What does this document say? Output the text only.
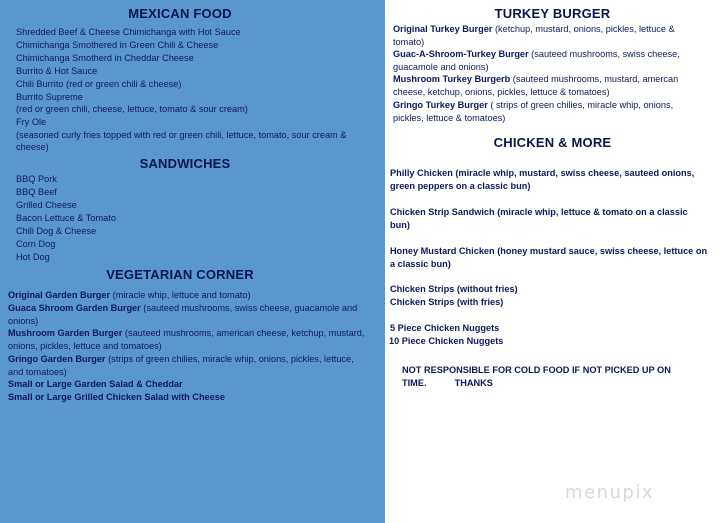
MEXICAN FOOD
Shredded Beef & Cheese Chimichanga with Hot Sauce
Chimichanga Smothered in Green Chili & Cheese
Chimichanga Smotherd in Cheddar Cheese
Burrito & Hot Sauce
Chili Burrito (red or green chili & cheese)
Burrito Supreme
(red or green chili, cheese, lettuce, tomato & sour cream)
Fry Ole
(seasoned curly fries topped with red or green chili, lettuce, tomato, sour cream &
cheese)
SANDWICHES
BBQ Pork
BBQ Beef
Grilled Cheese
Bacon Lettuce & Tomato
Chili Dog & Cheese
Corn Dog
Hot Dog
VEGETARIAN CORNER
Original Garden Burger (miracle whip, lettuce and tomato)
Guaca Shroom Garden Burger (sauteed mushrooms, swiss cheese, guacamole and onions)
Mushroom Garden Burger (sauteed mushrooms, american cheese, ketchup, mustard, onions, pickles, lettuce and tomatoes)
Gringo Garden Burger (strips of green chilies, miracle whip, onions, pickles, lettuce, and tomatoes)
Small or Large Garden Salad & Cheddar
Small or Large Grilled Chicken Salad with Cheese
TURKEY BURGER
Original Turkey Burger (ketchup, mustard, onions, pickles, lettuce & tomato)
Guac-A-Shroom-Turkey Burger (sauteed mushrooms, swiss cheese, guacamole and onions)
Mushroom Turkey Burgerb (sauteed mushrooms, mustard, amercan cheese, ketchup, onions, pickles, lettuce & tomatoes)
Gringo Turkey Burger ( strips of green chilies, miracle whip, onions, pickles, lettuce & tomatoes)
CHICKEN & MORE
Philly Chicken (miracle whip, mustard, swiss cheese, sauteed onions, green peppers on a classic bun)
Chicken Strip Sandwich (miracle whip, lettuce & tomato on a classic bun)
Honey Mustard Chicken (honey mustard sauce, swiss cheese, lettuce on a classic bun)
Chicken Strips (without fries)
Chicken Strips (with fries)
5 Piece Chicken Nuggets
10 Piece Chicken Nuggets
NOT RESPONSIBLE FOR COLD FOOD IF NOT PICKED UP ON
TIME.           THANKS
menupix
